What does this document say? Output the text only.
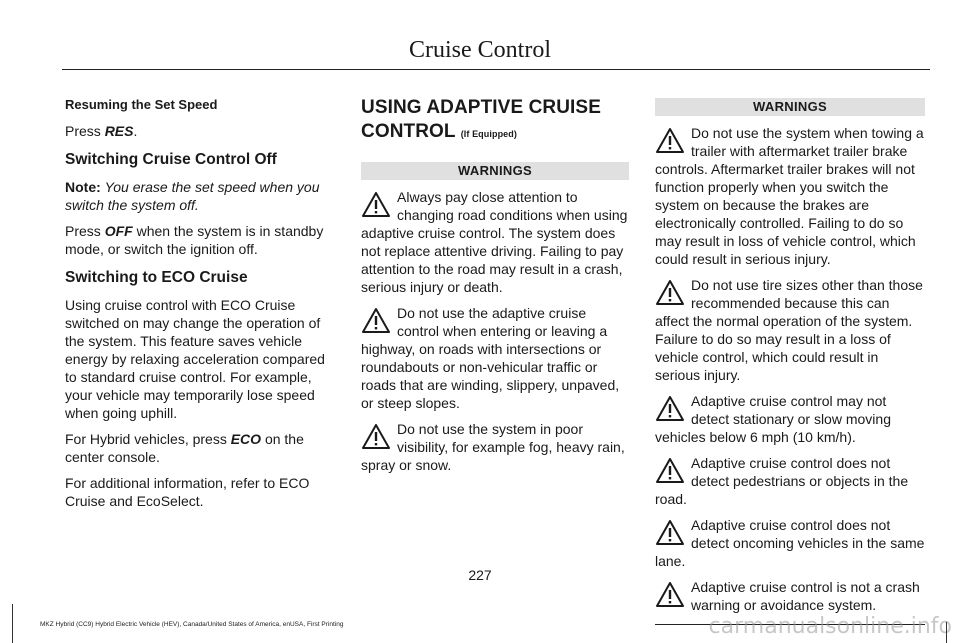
Cruise Control
Resuming the Set Speed

Press RES.

Switching Cruise Control Off

Note: You erase the set speed when you switch the system off.

Press OFF when the system is in standby mode, or switch the ignition off.

Switching to ECO Cruise

Using cruise control with ECO Cruise switched on may change the operation of the system. This feature saves vehicle energy by relaxing acceleration compared to standard cruise control. For example, your vehicle may temporarily lose speed when going uphill.

For Hybrid vehicles, press ECO on the center console.

For additional information, refer to ECO Cruise and EcoSelect.

USING ADAPTIVE CRUISE
CONTROL (If Equipped)
WARNINGS
Always pay close attention to changing road conditions when using adaptive cruise control. The system does not replace attentive driving. Failing to pay attention to the road may result in a crash, serious injury or death.
Do not use the adaptive cruise control when entering or leaving a highway, on roads with intersections or roundabouts or non-vehicular traffic or roads that are winding, slippery, unpaved, or steep slopes.
Do not use the system in poor visibility, for example fog, heavy rain, spray or snow.
WARNINGS
Do not use the system when towing a trailer with aftermarket trailer brake controls. Aftermarket trailer brakes will not function properly when you switch the system on because the brakes are electronically controlled. Failing to do so may result in loss of vehicle control, which could result in serious injury.
Do not use tire sizes other than those recommended because this can affect the normal operation of the system. Failure to do so may result in a loss of vehicle control, which could result in serious injury.
Adaptive cruise control may not detect stationary or slow moving vehicles below 6 mph (10 km/h).
Adaptive cruise control does not detect pedestrians or objects in the road.
Adaptive cruise control does not detect oncoming vehicles in the same lane.
Adaptive cruise control is not a crash warning or avoidance system.
227
MKZ Hybrid (CC9) Hybrid Electric Vehicle (HEV), Canada/United States of America, enUSA, First Printing	carmanualsonline.info
